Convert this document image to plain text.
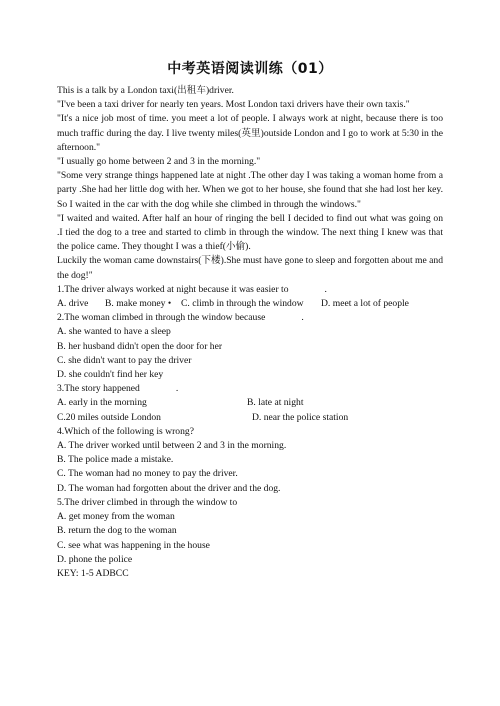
中考英语阅读训练（01）

This is a talk by a London taxi(出租车)driver.

"I've been a taxi driver for nearly ten years. Most London taxi drivers have their own taxis."

"It's a nice job most of time. you meet a lot of people. I always work at night, because there is too much traffic during the day. I live twenty miles(英里)outside London and I go to work at 5:30 in the afternoon."

"I usually go home between 2 and 3 in the morning."

"Some very strange things happened late at night .The other day I was taking a woman home from a party .She had her little dog with her. When we got to her house, she found that she had lost her key. So I waited in the car with the dog while she climbed in through the windows."

"I waited and waited. After half an hour of ringing the bell I decided to find out what was going on .I tied the dog to a tree and started to climb in through the window. The next thing I knew was that the police came. They thought I was a thief(小偷).

Luckily the woman came downstairs(下楼).She must have gone to sleep and forgotten about me and the dog!"

1.The driver always worked at night because it was easier to	.

A. drive	B. make money •	C. climb in through the window	D. meet a lot of people

2.The woman climbed in through the window because	.

A. she wanted to have a sleep

B. her husband didn't open the door for her

C. she didn't want to pay the driver

D. she couldn't find her key

3.The story happened	.

A. early in the morning	B. late at night
C.20 miles outside London	D. near the police station

4.Which of the following is wrong?

A. The driver worked until between 2 and 3 in the morning.

B. The police made a mistake.

C. The woman had no money to pay the driver.

D. The woman had forgotten about the driver and the dog.

5.The driver climbed in through the window to

A. get money from the woman

B. return the dog to the woman

C. see what was happening in the house

D. phone the police

KEY: 1-5 ADBCC
